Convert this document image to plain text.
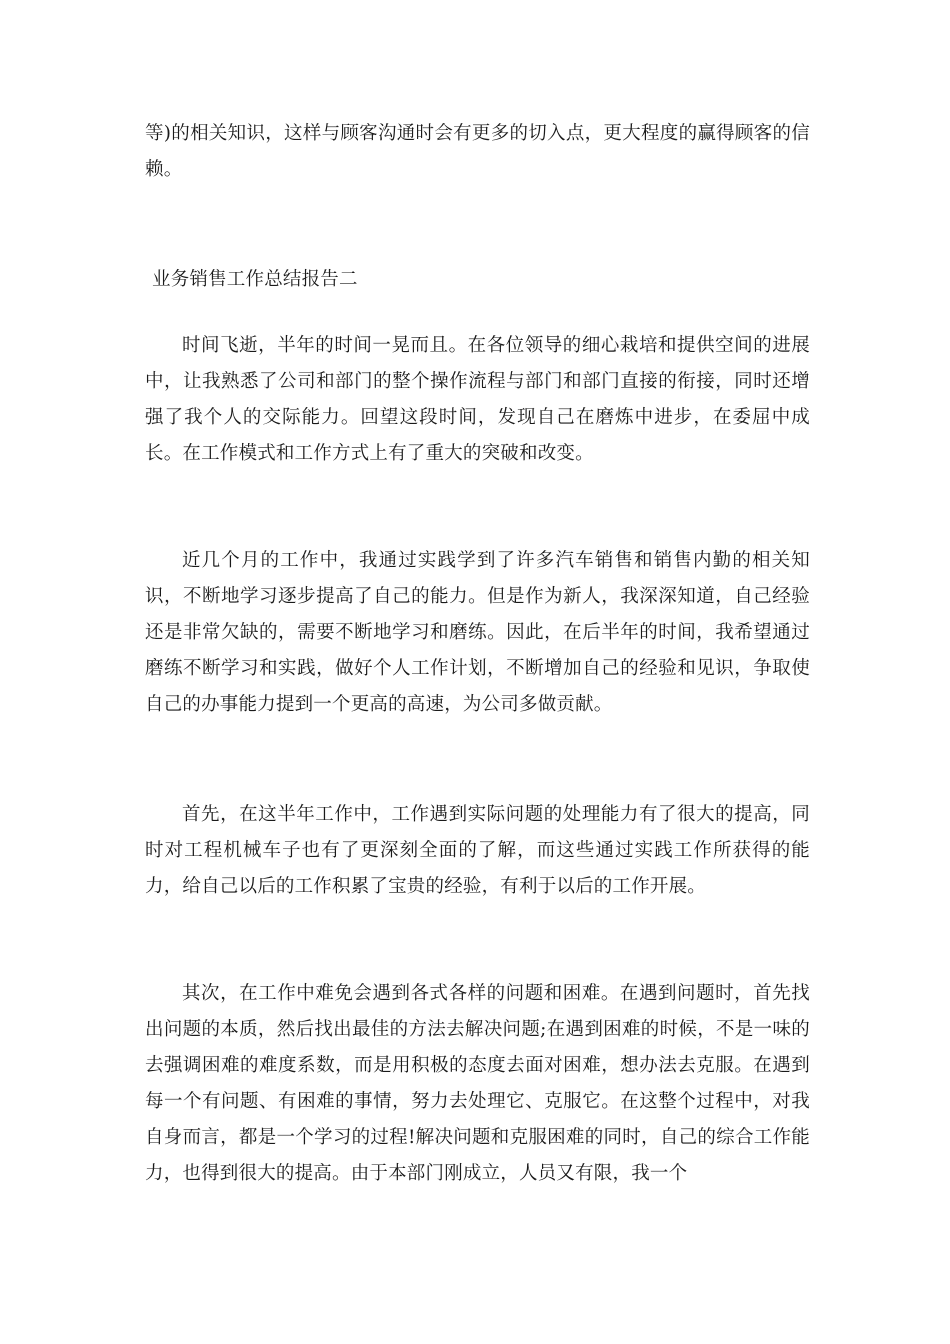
等)的相关知识，这样与顾客沟通时会有更多的切入点，更大程度的赢得顾客的信赖。

业务销售工作总结报告二

时间飞逝，半年的时间一晃而且。在各位领导的细心栽培和提供空间的进展中，让我熟悉了公司和部门的整个操作流程与部门和部门直接的衔接，同时还增强了我个人的交际能力。回望这段时间，发现自己在磨炼中进步，在委屈中成长。在工作模式和工作方式上有了重大的突破和改变。

近几个月的工作中，我通过实践学到了许多汽车销售和销售内勤的相关知识，不断地学习逐步提高了自己的能力。但是作为新人，我深深知道，自己经验还是非常欠缺的，需要不断地学习和磨练。因此，在后半年的时间，我希望通过磨练不断学习和实践，做好个人工作计划，不断增加自己的经验和见识，争取使自己的办事能力提到一个更高的高速，为公司多做贡献。

首先，在这半年工作中，工作遇到实际问题的处理能力有了很大的提高，同时对工程机械车子也有了更深刻全面的了解，而这些通过实践工作所获得的能力，给自己以后的工作积累了宝贵的经验，有利于以后的工作开展。

其次，在工作中难免会遇到各式各样的问题和困难。在遇到问题时，首先找出问题的本质，然后找出最佳的方法去解决问题;在遇到困难的时候，不是一味的去强调困难的难度系数，而是用积极的态度去面对困难，想办法去克服。在遇到每一个有问题、有困难的事情，努力去处理它、克服它。在这整个过程中，对我自身而言，都是一个学习的过程!解决问题和克服困难的同时，自己的综合工作能力，也得到很大的提高。由于本部门刚成立，人员又有限，我一个
